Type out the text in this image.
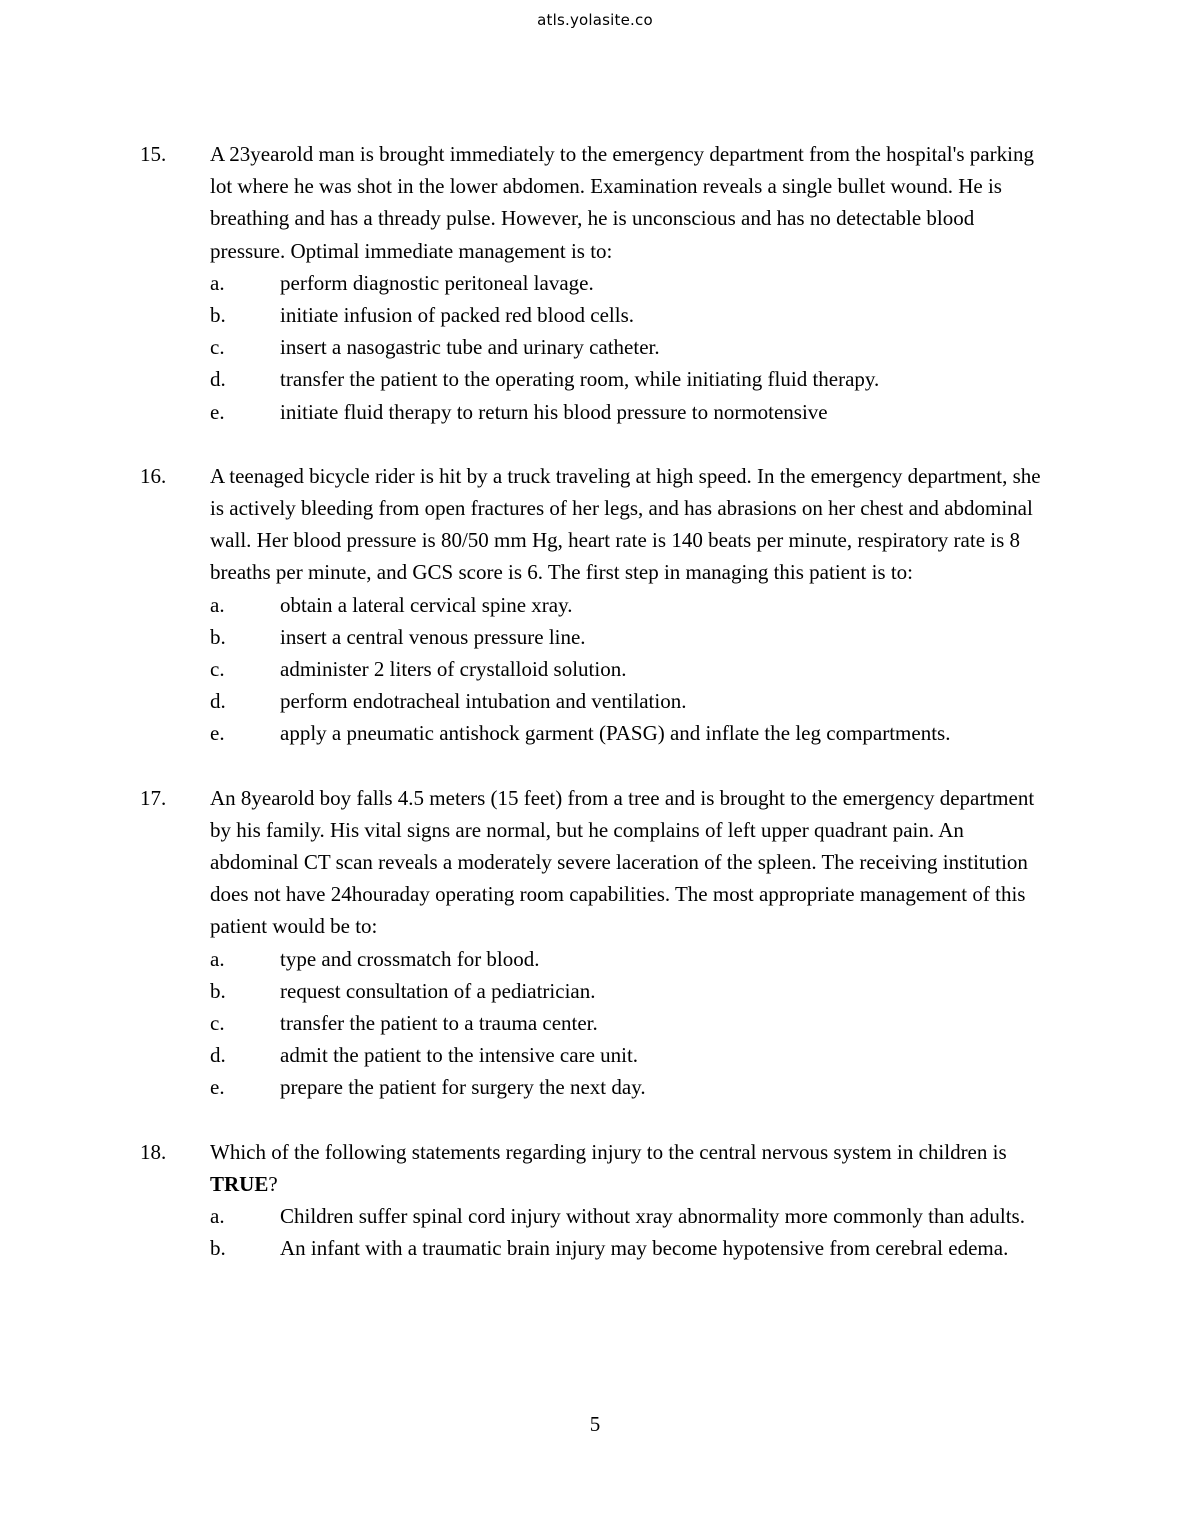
atls.yolasite.co
15. A 23yearold man is brought immediately to the emergency department from the hospital's parking lot where he was shot in the lower abdomen. Examination reveals a single bullet wound. He is breathing and has a thready pulse. However, he is unconscious and has no detectable blood pressure. Optimal immediate management is to:
a.	perform diagnostic peritoneal lavage.
b.	initiate infusion of packed red blood cells.
c.	insert a nasogastric tube and urinary catheter.
d.	transfer the patient to the operating room, while initiating fluid therapy.
e.	initiate fluid therapy to return his blood pressure to normotensive
16. A teenaged bicycle rider is hit by a truck traveling at high speed. In the emergency department, she is actively bleeding from open fractures of her legs, and has abrasions on her chest and abdominal wall. Her blood pressure is 80/50 mm Hg, heart rate is 140 beats per minute, respiratory rate is 8 breaths per minute, and GCS score is 6. The first step in managing this patient is to:
a.	obtain a lateral cervical spine xray.
b.	insert a central venous pressure line.
c.	administer 2 liters of crystalloid solution.
d.	perform endotracheal intubation and ventilation.
e.	apply a pneumatic antishock garment (PASG) and inflate the leg compartments.
17. An 8yearold boy falls 4.5 meters (15 feet) from a tree and is brought to the emergency department by his family. His vital signs are normal, but he complains of left upper quadrant pain. An abdominal CT scan reveals a moderately severe laceration of the spleen. The receiving institution does not have 24houraday operating room capabilities. The most appropriate management of this patient would be to:
a.	type and crossmatch for blood.
b.	request consultation of a pediatrician.
c.	transfer the patient to a trauma center.
d.	admit the patient to the intensive care unit.
e.	prepare the patient for surgery the next day.
18. Which of the following statements regarding injury to the central nervous system in children is TRUE?
a.	Children suffer spinal cord injury without xray abnormality more commonly than adults.
b.	An infant with a traumatic brain injury may become hypotensive from cerebral edema.
5
